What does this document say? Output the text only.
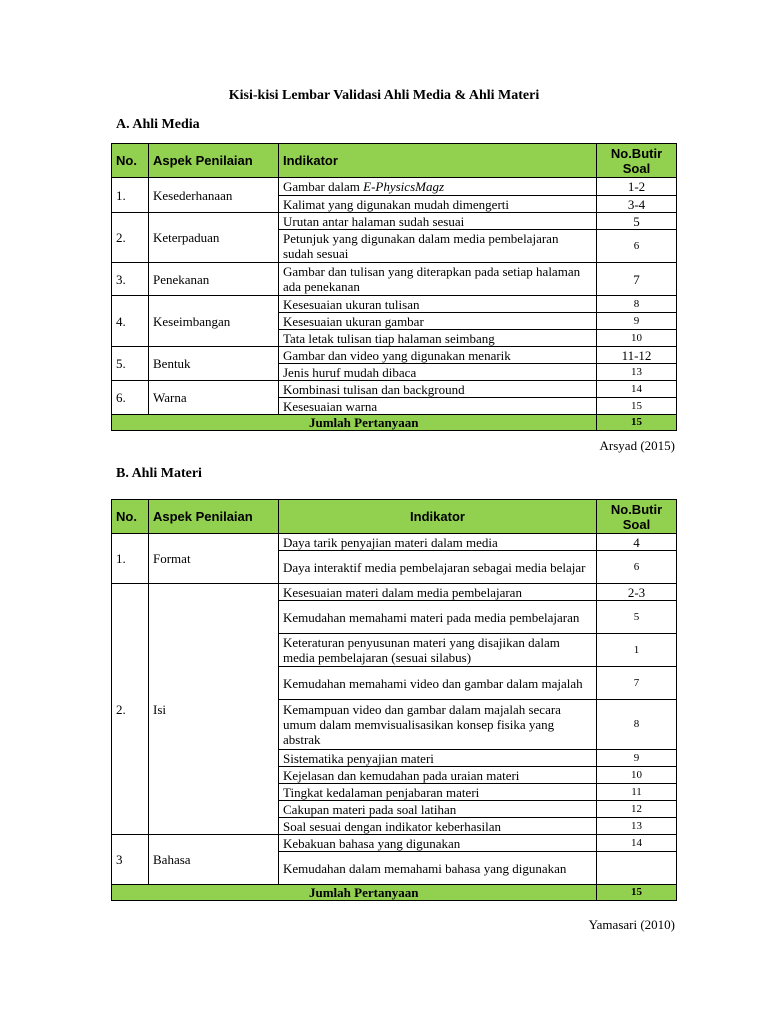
Kisi-kisi Lembar Validasi Ahli Media & Ahli Materi
A. Ahli Media
No.	Aspek Penilaian	Indikator	No.Butir Soal
1.	Kesederhanaan	Gambar dalam E-PhysicsMagz	1-2
		Kalimat yang digunakan mudah dimengerti	3-4
2.	Keterpaduan	Urutan antar halaman sudah sesuai	5
		Petunjuk yang digunakan dalam media pembelajaran sudah sesuai	6
3.	Penekanan	Gambar dan tulisan yang diterapkan pada setiap halaman ada penekanan	7
4.	Keseimbangan	Kesesuaian ukuran tulisan	8
		Kesesuaian ukuran gambar	9
		Tata letak tulisan tiap halaman seimbang	10
5.	Bentuk	Gambar dan video yang digunakan menarik	11-12
		Jenis huruf mudah dibaca	13
6.	Warna	Kombinasi tulisan dan background	14
		Kesesuaian warna	15
Jumlah Pertanyaan			15
Arsyad (2015)
B. Ahli Materi
No.	Aspek Penilaian	Indikator	No.Butir Soal
1.	Format	Daya tarik penyajian materi dalam media	4
		Daya interaktif media pembelajaran sebagai media belajar	6
2.	Isi	Kesesuaian materi dalam media pembelajaran	2-3
		Kemudahan memahami materi pada media pembelajaran	5
		Keteraturan penyusunan materi yang disajikan dalam media pembelajaran (sesuai silabus)	1
		Kemudahan memahami video dan gambar dalam majalah	7
		Kemampuan video dan gambar dalam majalah secara umum dalam memvisualisasikan konsep fisika yang abstrak	8
		Sistematika penyajian materi	9
		Kejelasan dan kemudahan pada uraian materi	10
		Tingkat kedalaman penjabaran materi	11
		Cakupan materi pada soal latihan	12
		Soal sesuai dengan indikator keberhasilan	13
3	Bahasa	Kebakuan bahasa yang digunakan	14
		Kemudahan dalam memahami bahasa yang digunakan	
Jumlah Pertanyaan			15
Yamasari (2010)
